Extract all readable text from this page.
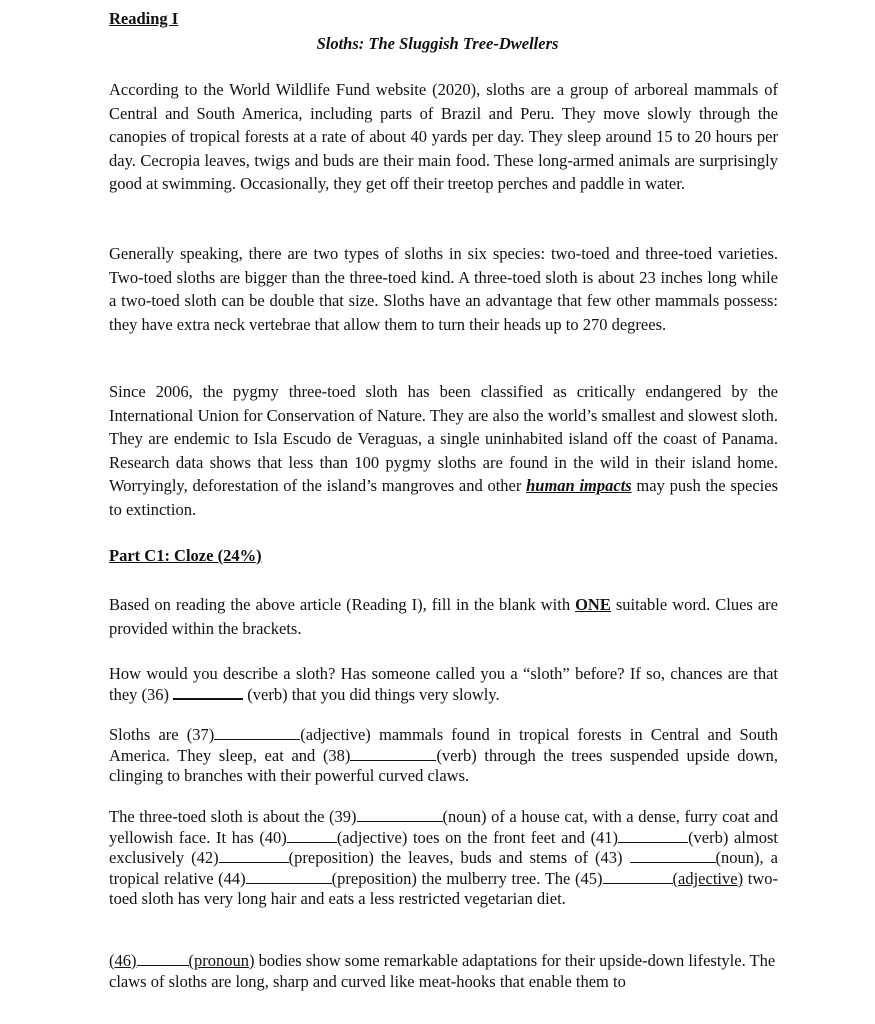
Reading I
Sloths: The Sluggish Tree-Dwellers

According to the World Wildlife Fund website (2020), sloths are a group of arboreal mammals of Central and South America, including parts of Brazil and Peru. They move slowly through the canopies of tropical forests at a rate of about 40 yards per day. They sleep around 15 to 20 hours per day. Cecropia leaves, twigs and buds are their main food. These long-armed animals are surprisingly good at swimming. Occasionally, they get off their treetop perches and paddle in water.

Generally speaking, there are two types of sloths in six species: two-toed and three-toed varieties. Two-toed sloths are bigger than the three-toed kind. A three-toed sloth is about 23 inches long while a two-toed sloth can be double that size. Sloths have an advantage that few other mammals possess: they have extra neck vertebrae that allow them to turn their heads up to 270 degrees.

Since 2006, the pygmy three-toed sloth has been classified as critically endangered by the International Union for Conservation of Nature. They are also the world’s smallest and slowest sloth. They are endemic to Isla Escudo de Veraguas, a single uninhabited island off the coast of Panama. Research data shows that less than 100 pygmy sloths are found in the wild in their island home. Worryingly, deforestation of the island’s mangroves and other human impacts may push the species to extinction.

Part C1: Cloze (24%)

Based on reading the above article (Reading I), fill in the blank with ONE suitable word. Clues are provided within the brackets.

How would you describe a sloth? Has someone called you a “sloth” before? If so, chances are that they (36)	(verb) that you did things very slowly.

Sloths are (37)	(adjective) mammals found in tropical forests in Central and South America. They sleep, eat and (38)	(verb) through the trees suspended upside down, clinging to branches with their powerful curved claws.

The three-toed sloth is about the (39)	(noun) of a house cat, with a dense, furry coat and yellowish face. It has (40)	(adjective) toes on the front feet and (41)	(verb) almost exclusively (42)	(preposition) the leaves, buds and stems of (43)	(noun), a tropical relative (44)	(preposition) the mulberry tree. The (45)	(adjective) two-toed sloth has very long hair and eats a less restricted vegetarian diet.

(46)	(pronoun) bodies show some remarkable adaptations for their upside-down lifestyle. The claws of sloths are long, sharp and curved like meat-hooks that enable them to
